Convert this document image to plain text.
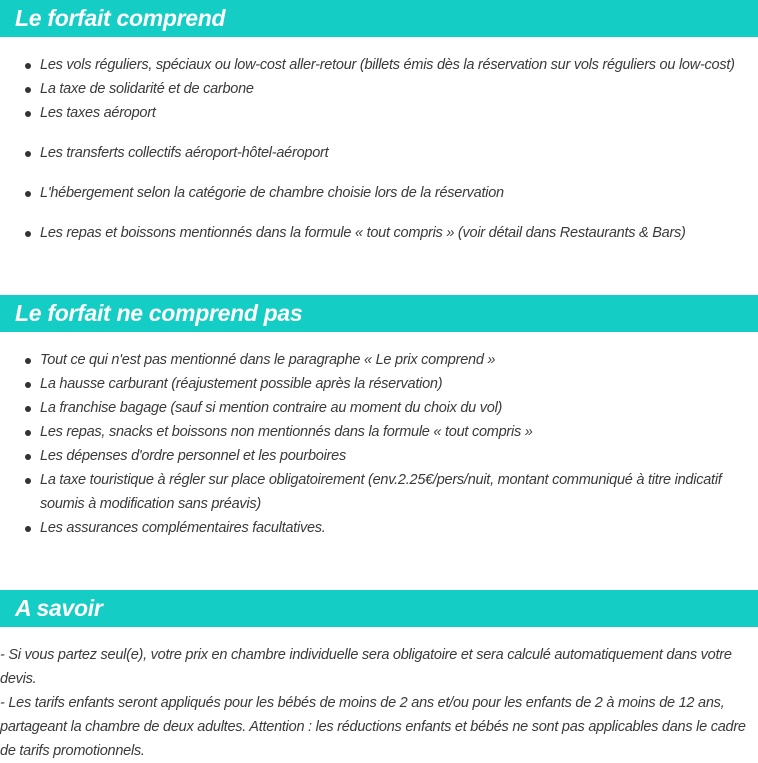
Le forfait comprend
Les vols réguliers, spéciaux ou low-cost aller-retour (billets émis dès la réservation sur vols réguliers ou low-cost)
La taxe de solidarité et de carbone
Les taxes aéroport
Les transferts collectifs aéroport-hôtel-aéroport
L'hébergement selon la catégorie de chambre choisie lors de la réservation
Les repas et boissons mentionnés dans la formule « tout compris » (voir détail dans Restaurants & Bars)
Le forfait ne comprend pas
Tout ce qui n'est pas mentionné dans le paragraphe « Le prix comprend »
La hausse carburant (réajustement possible après la réservation)
La franchise bagage (sauf si mention contraire au moment du choix du vol)
Les repas, snacks et boissons non mentionnés dans la formule « tout compris »
Les dépenses d'ordre personnel et les pourboires
La taxe touristique à régler sur place obligatoirement (env.2.25€/pers/nuit, montant communiqué à titre indicatif soumis à modification sans préavis)
Les assurances complémentaires facultatives.
A savoir

- Si vous partez seul(e), votre prix en chambre individuelle sera obligatoire et sera calculé automatiquement dans votre devis.

- Les tarifs enfants seront appliqués pour les bébés de moins de 2 ans et/ou pour les enfants de 2 à moins de 12 ans, partageant la chambre de deux adultes. Attention : les réductions enfants et bébés ne sont pas applicables dans le cadre de tarifs promotionnels.
